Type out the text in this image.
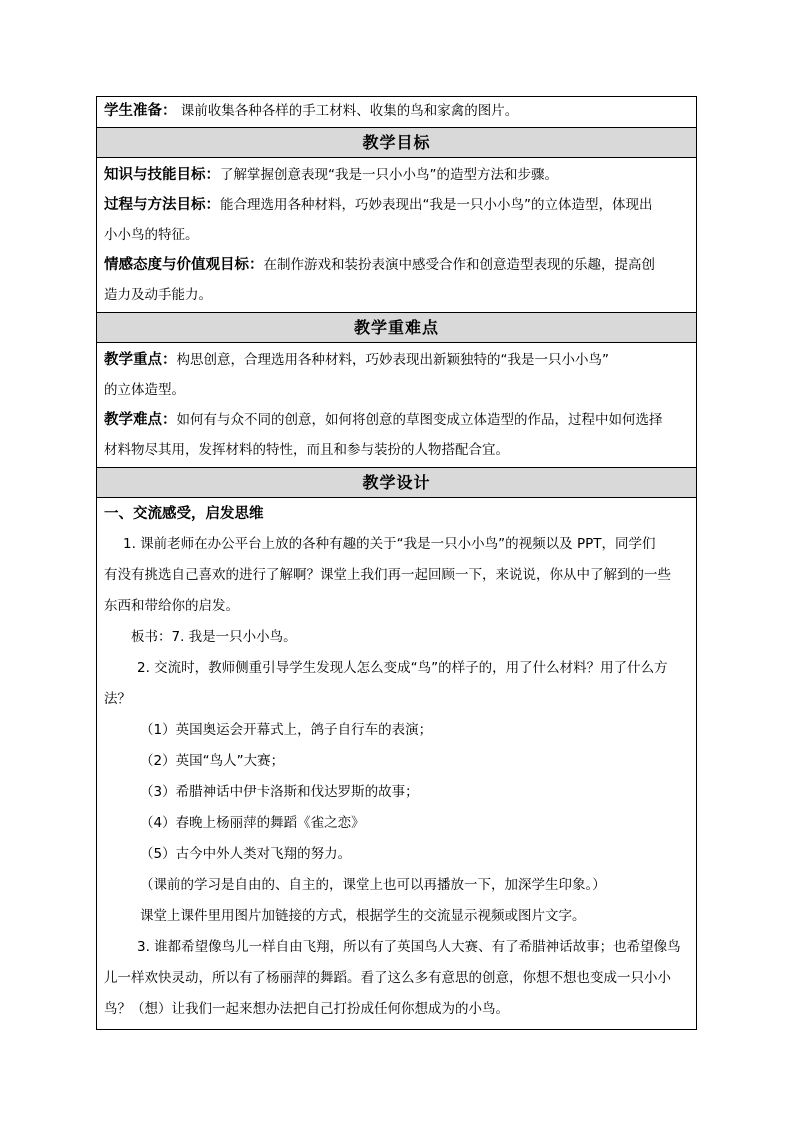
学生准备： 课前收集各种各样的手工材料、收集的鸟和家禽的图片。

教学目标

知识与技能目标：了解掌握创意表现“我是一只小小鸟”的造型方法和步骤。

过程与方法目标：能合理选用各种材料，巧妙表现出“我是一只小小鸟”的立体造型，体现出

小小鸟的特征。

情感态度与价值观目标：在制作游戏和装扮表演中感受合作和创意造型表现的乐趣，提高创

造力及动手能力。

教学重难点

教学重点：构思创意，合理选用各种材料，巧妙表现出新颖独特的“我是一只小小鸟”

的立体造型。

教学难点：如何有与众不同的创意，如何将创意的草图变成立体造型的作品，过程中如何选择

材料物尽其用，发挥材料的特性，而且和参与装扮的人物搭配合宜。

教学设计

一、交流感受，启发思维

1. 课前老师在办公平台上放的各种有趣的关于“我是一只小小鸟”的视频以及 PPT，同学们

有没有挑选自己喜欢的进行了解啊？课堂上我们再一起回顾一下，来说说，你从中了解到的一些

东西和带给你的启发。

板书：7. 我是一只小小鸟。

2. 交流时，教师侧重引导学生发现人怎么变成“鸟”的样子的，用了什么材料？用了什么方

法？

（1）英国奥运会开幕式上，鸽子自行车的表演；

（2）英国“鸟人”大赛；

（3）希腊神话中伊卡洛斯和伐达罗斯的故事；

（4）春晚上杨丽萍的舞蹈《雀之恋》

（5）古今中外人类对飞翔的努力。

（课前的学习是自由的、自主的，课堂上也可以再播放一下，加深学生印象。）

课堂上课件里用图片加链接的方式，根据学生的交流显示视频或图片文字。

3. 谁都希望像鸟儿一样自由飞翔，所以有了英国鸟人大赛、有了希腊神话故事；也希望像鸟

儿一样欢快灵动，所以有了杨丽萍的舞蹈。看了这么多有意思的创意，你想不想也变成一只小小

鸟？（想）让我们一起来想办法把自己打扮成任何你想成为的小鸟。
